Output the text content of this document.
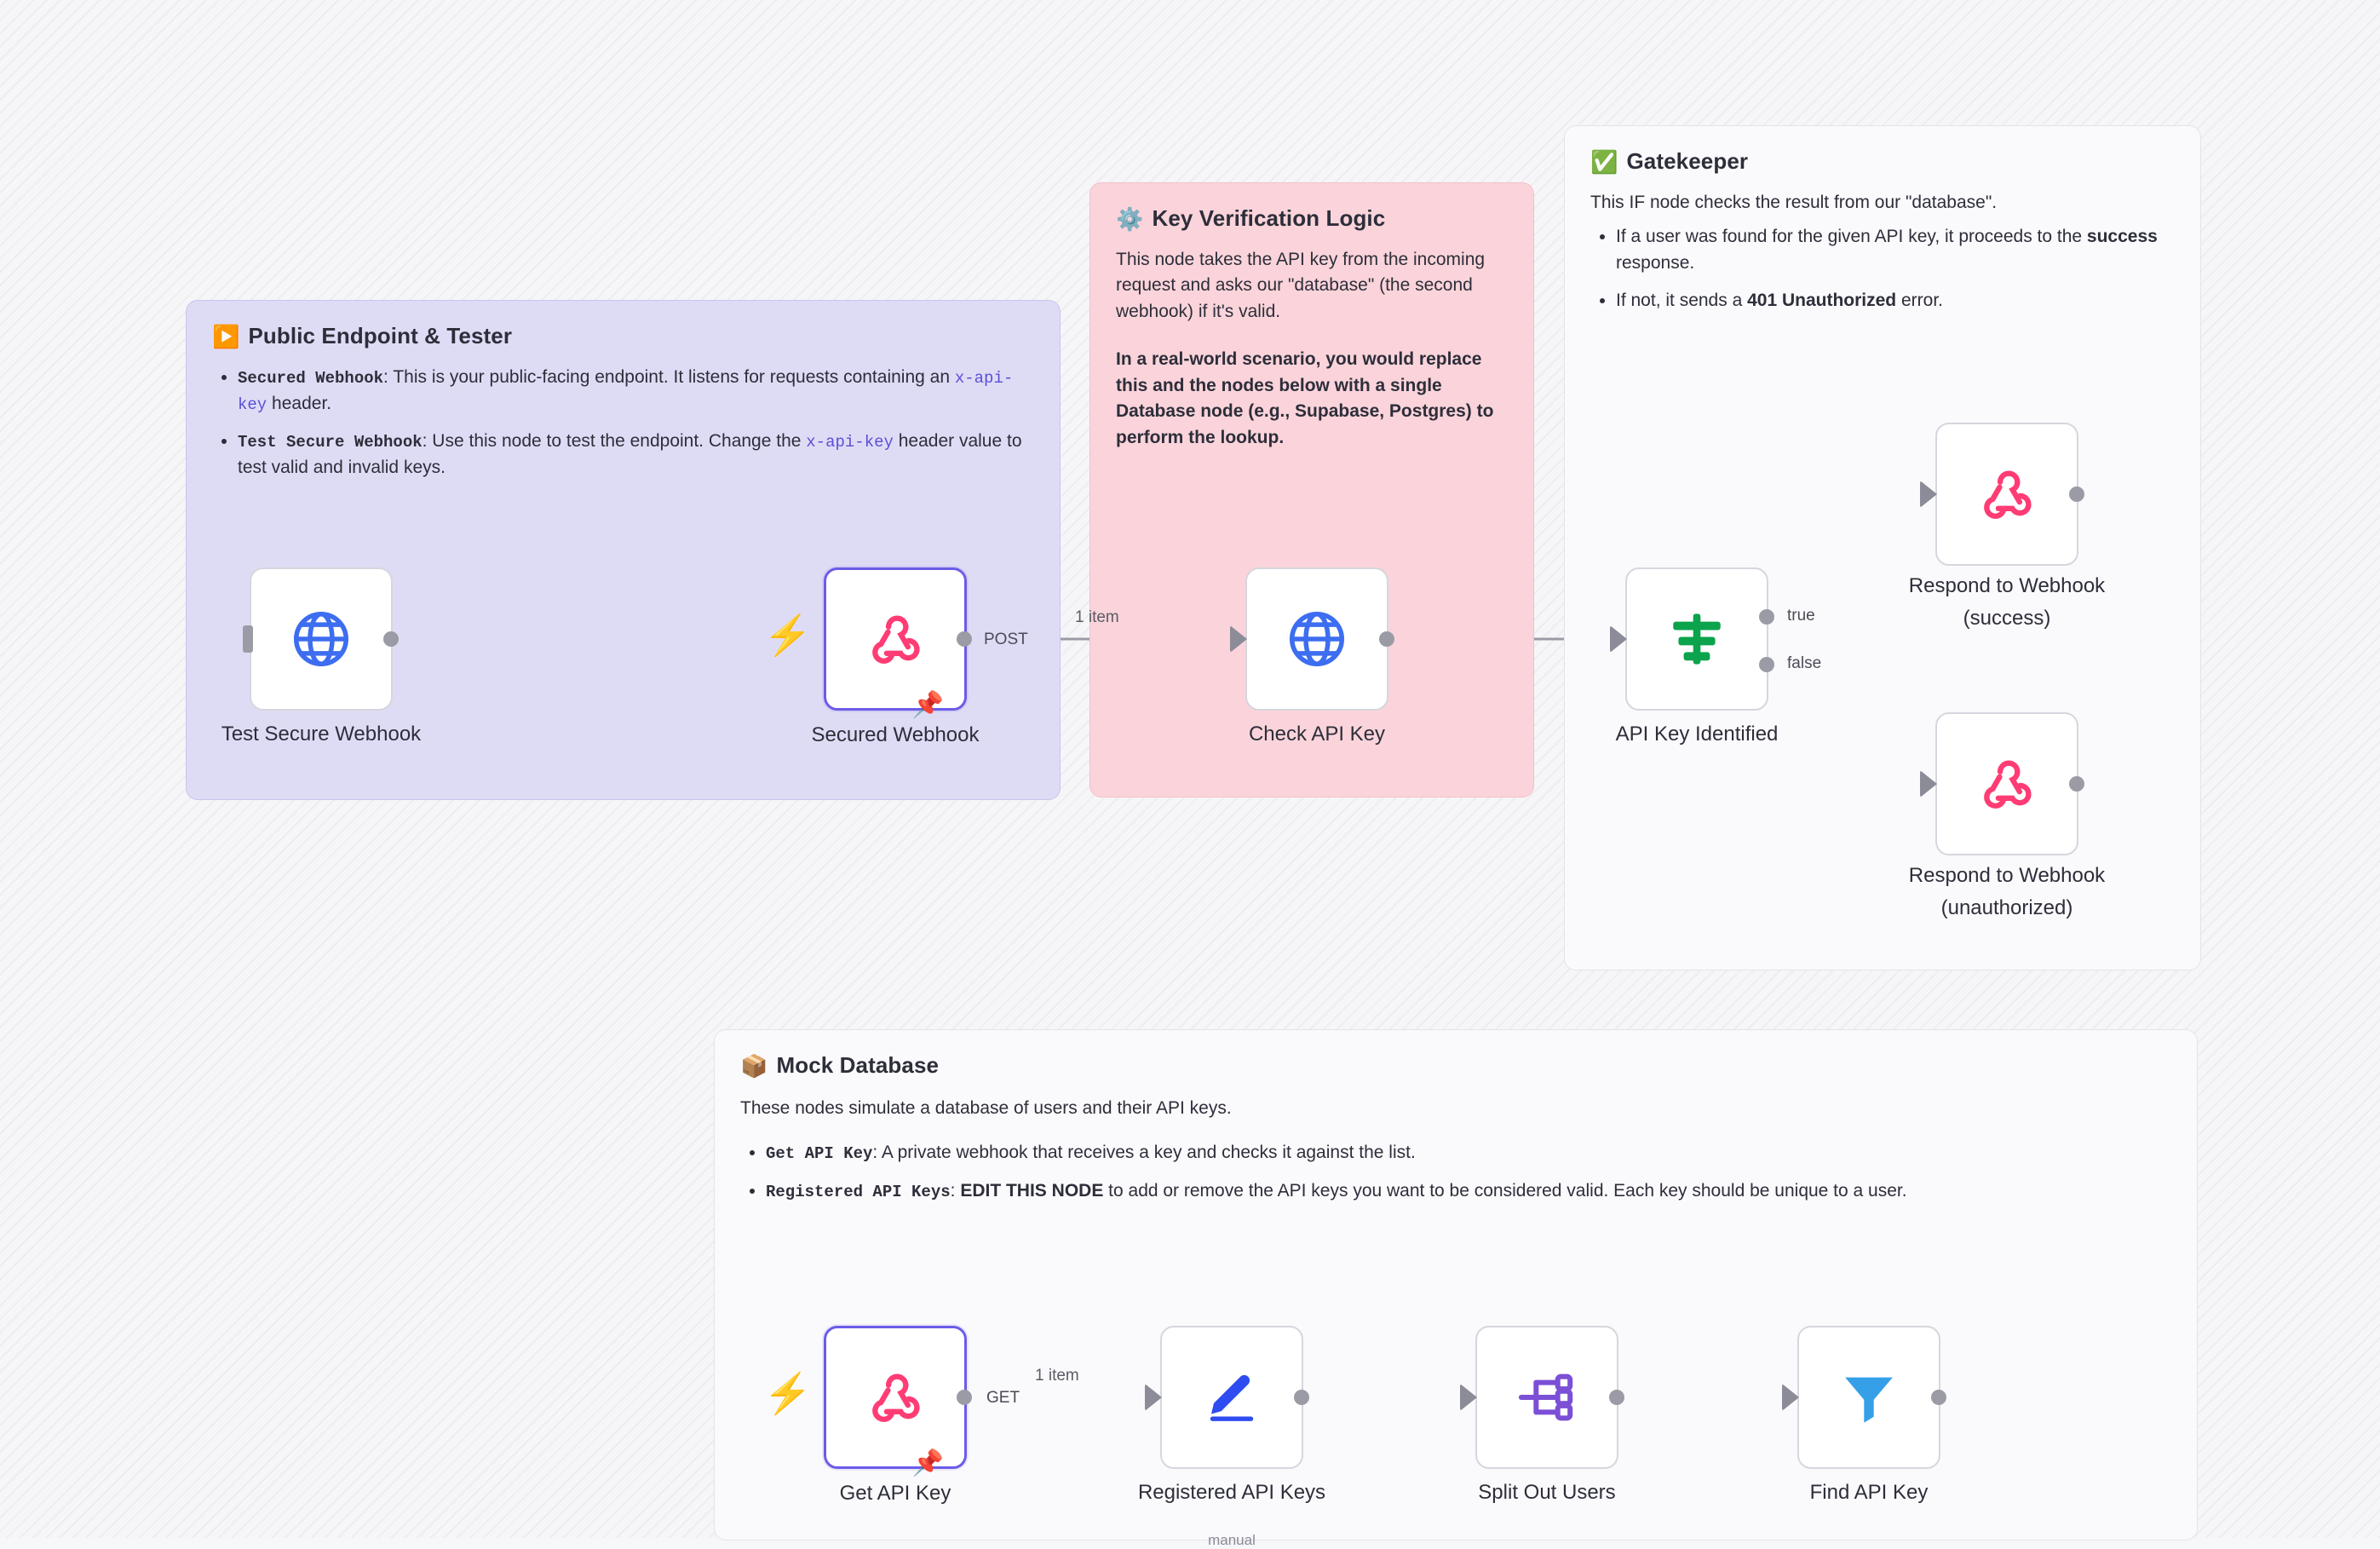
▶️ Public Endpoint & Tester
• Secured Webhook: This is your public-facing endpoint. It listens for requests containing an x-api-key header.
• Test Secure Webhook: Use this node to test the endpoint. Change the x-api-key header value to test valid and invalid keys.
⚙️ Key Verification Logic

This node takes the API key from the incoming request and asks our "database" (the second webhook) if it's valid.

In a real-world scenario, you would replace this and the nodes below with a single Database node (e.g., Supabase, Postgres) to perform the lookup.

✅ Gatekeeper

This IF node checks the result from our "database".

• If a user was found for the given API key, it proceeds to the success response.
• If not, it sends a 401 Unauthorized error.
📦 Mock Database

These nodes simulate a database of users and their API keys.

• Get API Key: A private webhook that receives a key and checks it against the list.
• Registered API Keys: EDIT THIS NODE to add or remove the API keys you want to be considered valid. Each key should be unique to a user.
Test Secure Webhook
⚡
📌
Secured Webhook
POST
1 item
Check API Key	API Key Identified
true
false
Respond to Webhook
(success)
Respond to Webhook
(unauthorized)
⚡
📌
Get API Key
GET
1 item
Registered API Keys
manual
Split Out Users	Find API Key
